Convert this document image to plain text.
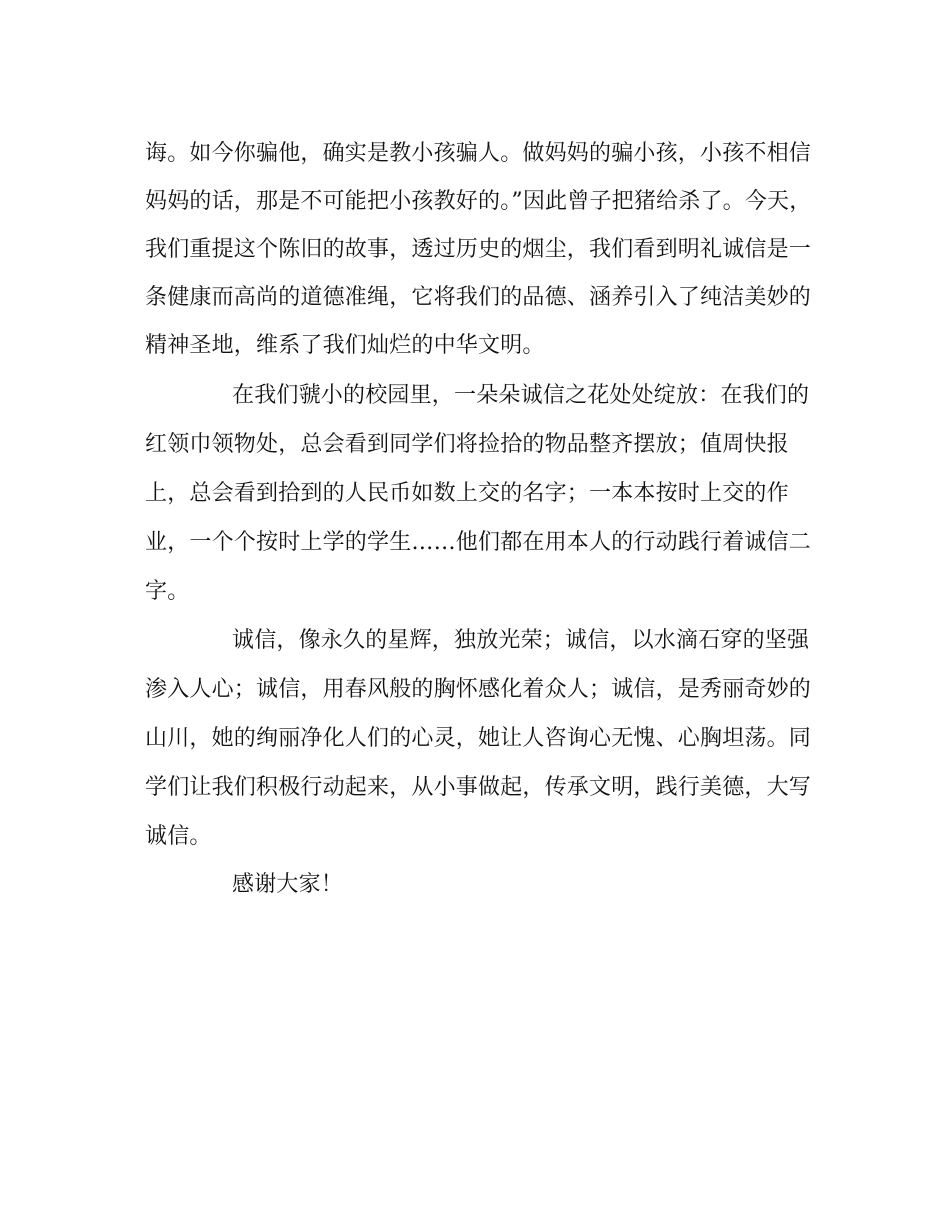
诲。如今你骗他，确实是教小孩骗人。做妈妈的骗小孩，小孩不相信
妈妈的话，那是不可能把小孩教好的。”因此曾子把猪给杀了。今天，
我们重提这个陈旧的故事，透过历史的烟尘，我们看到明礼诚信是一
条健康而高尚的道德准绳，它将我们的品德、涵养引入了纯洁美妙的
精神圣地，维系了我们灿烂的中华文明。
在我们虢小的校园里，一朵朵诚信之花处处绽放：在我们的
红领巾领物处，总会看到同学们将捡拾的物品整齐摆放；值周快报
上，总会看到拾到的人民币如数上交的名字；一本本按时上交的作
业，一个个按时上学的学生……他们都在用本人的行动践行着诚信二
字。
诚信，像永久的星辉，独放光荣；诚信，以水滴石穿的坚强
渗入人心；诚信，用春风般的胸怀感化着众人；诚信，是秀丽奇妙的
山川，她的绚丽净化人们的心灵，她让人咨询心无愧、心胸坦荡。同
学们让我们积极行动起来，从小事做起，传承文明，践行美德，大写
诚信。
感谢大家！
